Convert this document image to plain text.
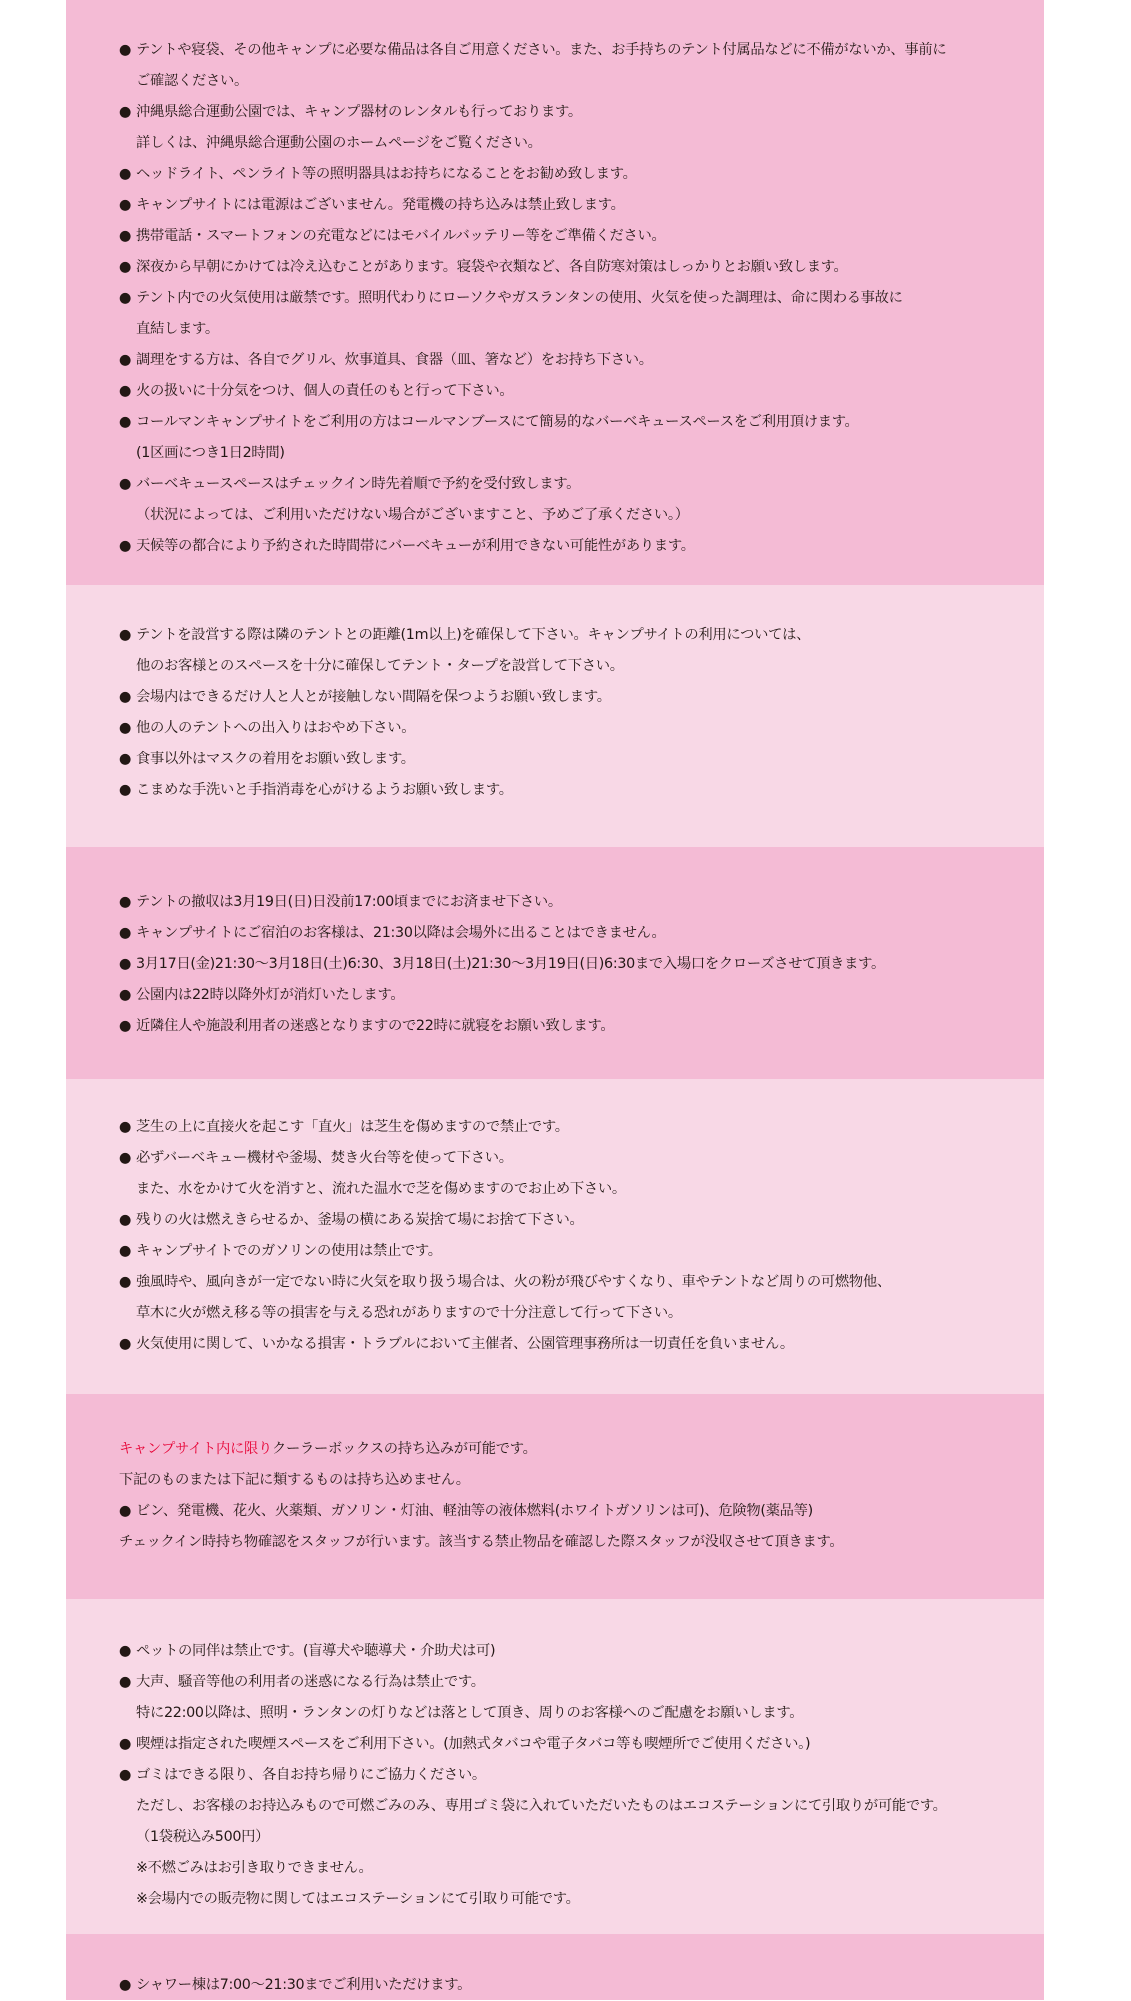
● テントや寝袋、その他キャンプに必要な備品は各自ご用意ください。また、お手持ちのテント付属品などに不備がないか、事前に
ご確認ください。
● 沖縄県総合運動公園では、キャンプ器材のレンタルも行っております。
詳しくは、沖縄県総合運動公園のホームページをご覧ください。
● ヘッドライト、ペンライト等の照明器具はお持ちになることをお勧め致します。
● キャンプサイトには電源はございません。発電機の持ち込みは禁止致します。
● 携帯電話・スマートフォンの充電などにはモバイルバッテリー等をご準備ください。
● 深夜から早朝にかけては冷え込むことがあります。寝袋や衣類など、各自防寒対策はしっかりとお願い致します。
● テント内での火気使用は厳禁です。照明代わりにローソクやガスランタンの使用、火気を使った調理は、命に関わる事故に
直結します。
● 調理をする方は、各自でグリル、炊事道具、食器（皿、箸など）をお持ち下さい。
● 火の扱いに十分気をつけ、個人の責任のもと行って下さい。
● コールマンキャンプサイトをご利用の方はコールマンブースにて簡易的なバーベキュースペースをご利用頂けます。
(1区画につき1日2時間)
● バーベキュースペースはチェックイン時先着順で予約を受付致します。
（状況によっては、ご利用いただけない場合がございますこと、予めご了承ください。）
● 天候等の都合により予約された時間帯にバーベキューが利用できない可能性があります。
● テントを設営する際は隣のテントとの距離(1m以上)を確保して下さい。キャンプサイトの利用については、
他のお客様とのスペースを十分に確保してテント・タープを設営して下さい。
● 会場内はできるだけ人と人とが接触しない間隔を保つようお願い致します。
● 他の人のテントへの出入りはおやめ下さい。
● 食事以外はマスクの着用をお願い致します。
● こまめな手洗いと手指消毒を心がけるようお願い致します。
● テントの撤収は3月19日(日)日没前17:00頃までにお済ませ下さい。
● キャンプサイトにご宿泊のお客様は、21:30以降は会場外に出ることはできません。
● 3月17日(金)21:30～3月18日(土)6:30、3月18日(土)21:30～3月19日(日)6:30まで入場口をクローズさせて頂きます。
● 公園内は22時以降外灯が消灯いたします。
● 近隣住人や施設利用者の迷惑となりますので22時に就寝をお願い致します。
● 芝生の上に直接火を起こす「直火」は芝生を傷めますので禁止です。
● 必ずバーベキュー機材や釜場、焚き火台等を使って下さい。
また、水をかけて火を消すと、流れた温水で芝を傷めますのでお止め下さい。
● 残りの火は燃えきらせるか、釜場の横にある炭捨て場にお捨て下さい。
● キャンプサイトでのガソリンの使用は禁止です。
● 強風時や、風向きが一定でない時に火気を取り扱う場合は、火の粉が飛びやすくなり、車やテントなど周りの可燃物他、
草木に火が燃え移る等の損害を与える恐れがありますので十分注意して行って下さい。
● 火気使用に関して、いかなる損害・トラブルにおいて主催者、公園管理事務所は一切責任を負いません。
キャンプサイト内に限りクーラーボックスの持ち込みが可能です。
下記のものまたは下記に類するものは持ち込めません。
● ビン、発電機、花火、火薬類、ガソリン・灯油、軽油等の液体燃料(ホワイトガソリンは可)、危険物(薬品等)
チェックイン時持ち物確認をスタッフが行います。該当する禁止物品を確認した際スタッフが没収させて頂きます。
● ペットの同伴は禁止です。(盲導犬や聴導犬・介助犬は可)
● 大声、騒音等他の利用者の迷惑になる行為は禁止です。
特に22:00以降は、照明・ランタンの灯りなどは落として頂き、周りのお客様へのご配慮をお願いします。
● 喫煙は指定された喫煙スペースをご利用下さい。(加熱式タバコや電子タバコ等も喫煙所でご使用ください。)
● ゴミはできる限り、各自お持ち帰りにご協力ください。
ただし、お客様のお持込みもので可燃ごみのみ、専用ゴミ袋に入れていただいたものはエコステーションにて引取りが可能です。
（1袋税込み500円）
※不燃ごみはお引き取りできません。
※会場内での販売物に関してはエコステーションにて引取り可能です。
● シャワー棟は7:00～21:30までご利用いただけます。
